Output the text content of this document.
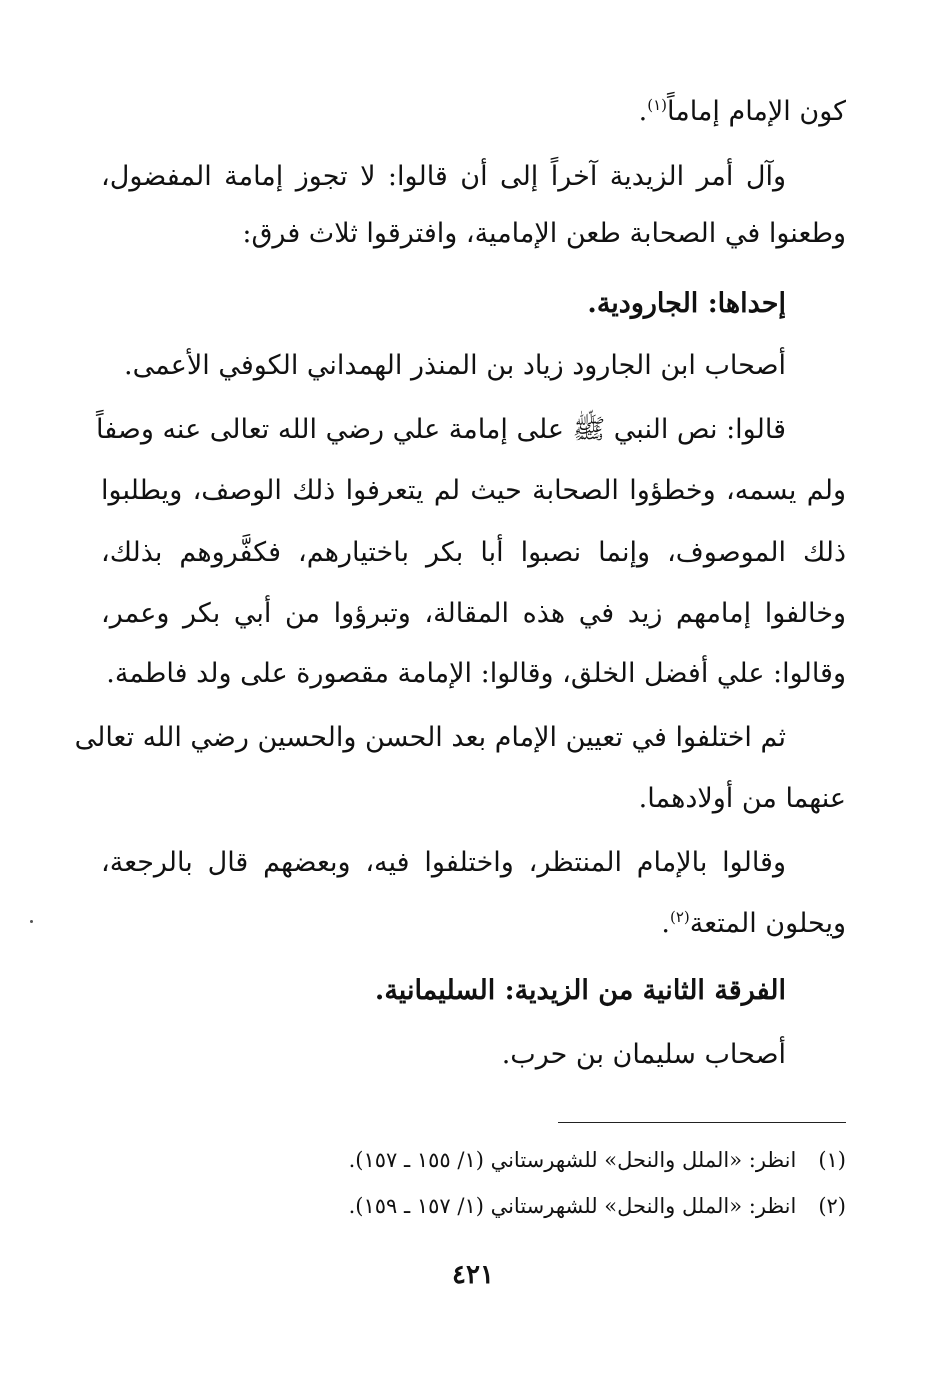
كون الإمام إماماً$^{(١)}$.
وآل أمر الزيدية آخراً إلى أن قالوا: لا تجوز إمامة المفضول،
وطعنوا في الصحابة طعن الإمامية، وافترقوا ثلاث فرق:
إحداها: الجارودية.
أصحاب ابن الجارود زياد بن المنذر الهمداني الكوفي الأعمى.
قالوا: نص النبي ﷺ على إمامة علي رضي الله تعالى عنه وصفاً
ولم يسمه، وخطؤوا الصحابة حيث لم يتعرفوا ذلك الوصف، ويطلبوا
ذلك الموصوف، وإنما نصبوا أبا بكر باختيارهم، فكفَّروهم بذلك،
وخالفوا إمامهم زيد في هذه المقالة، وتبرؤوا من أبي بكر وعمر،
وقالوا: علي أفضل الخلق، وقالوا: الإمامة مقصورة على ولد فاطمة.
ثم اختلفوا في تعيين الإمام بعد الحسن والحسين رضي الله تعالى
عنهما من أولادهما.
وقالوا بالإمام المنتظر، واختلفوا فيه، وبعضهم قال بالرجعة،
ويحلون المتعة$^{(٢)}$.
الفرقة الثانية من الزيدية: السليمانية.
أصحاب سليمان بن حرب.
(١)انظر: «الملل والنحل» للشهرستاني (١/ ١٥٥ ـ ١٥٧).
(٢)انظر: «الملل والنحل» للشهرستاني (١/ ١٥٧ ـ ١٥٩).
٤٢١
